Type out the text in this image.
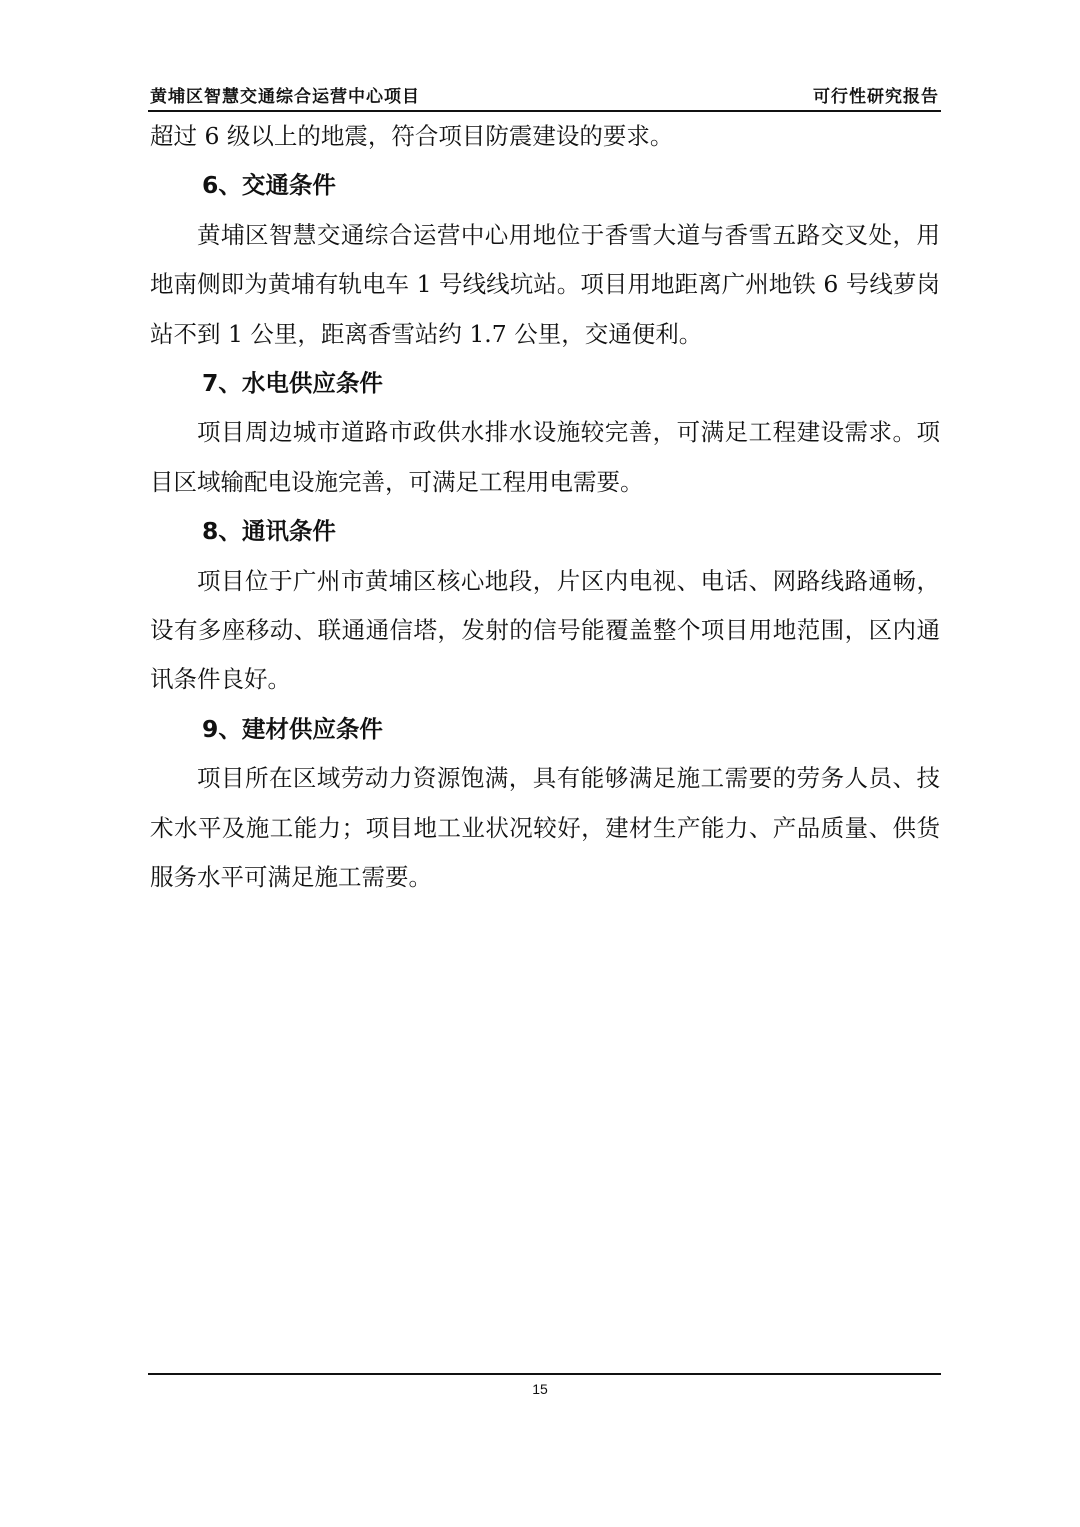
黄埔区智慧交通综合运营中心项目	可行性研究报告

超过 6 级以上的地震，符合项目防震建设的要求。

6、交通条件

黄埔区智慧交通综合运营中心用地位于香雪大道与香雪五路交叉处，用地南侧即为黄埔有轨电车 1 号线线坑站。项目用地距离广州地铁 6 号线萝岗站不到 1 公里，距离香雪站约 1.7 公里，交通便利。

7、水电供应条件

项目周边城市道路市政供水排水设施较完善，可满足工程建设需求。项目区域输配电设施完善，可满足工程用电需要。

8、通讯条件

项目位于广州市黄埔区核心地段，片区内电视、电话、网路线路通畅，设有多座移动、联通通信塔，发射的信号能覆盖整个项目用地范围，区内通讯条件良好。

9、建材供应条件

项目所在区域劳动力资源饱满，具有能够满足施工需要的劳务人员、技术水平及施工能力；项目地工业状况较好，建材生产能力、产品质量、供货服务水平可满足施工需要。

15
